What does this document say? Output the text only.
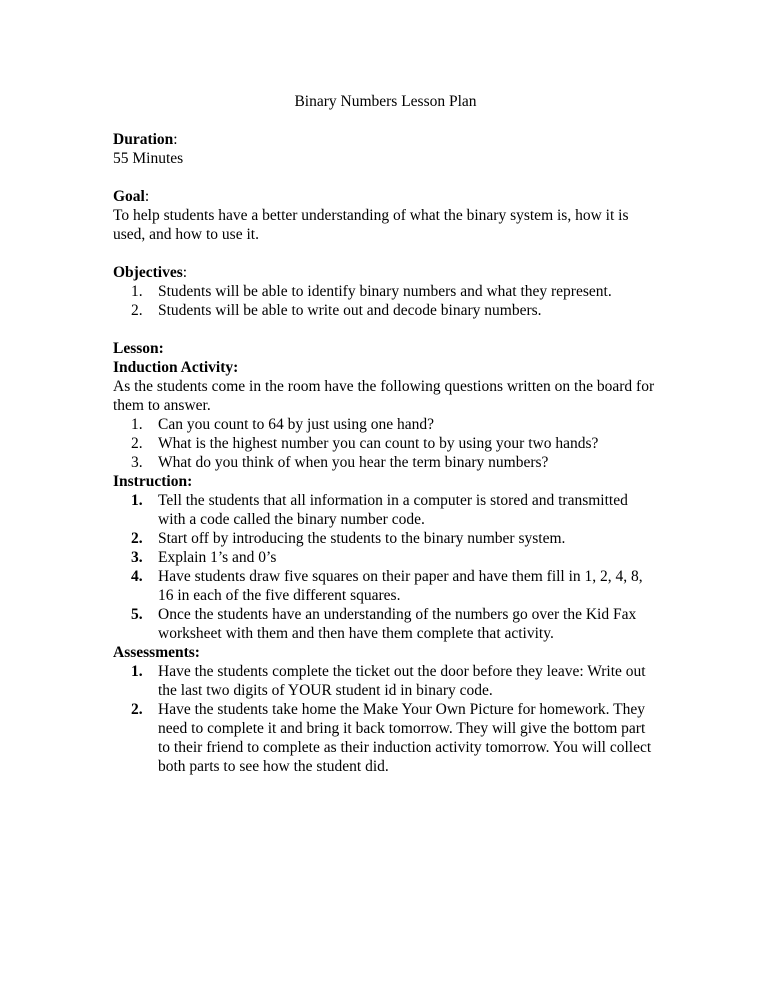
Binary Numbers Lesson Plan

Duration:

55 Minutes

Goal:

To help students have a better understanding of what the binary system is, how it is used, and how to use it.

Objectives:

1. Students will be able to identify binary numbers and what they represent.
2. Students will be able to write out and decode binary numbers.

Lesson:

Induction Activity:

As the students come in the room have the following questions written on the board for them to answer.

1. Can you count to 64 by just using one hand?
2. What is the highest number you can count to by using your two hands?
3. What do you think of when you hear the term binary numbers?

Instruction:

1. Tell the students that all information in a computer is stored and transmitted with a code called the binary number code.
2. Start off by introducing the students to the binary number system.
3. Explain 1’s and 0’s
4. Have students draw five squares on their paper and have them fill in 1, 2, 4, 8, 16 in each of the five different squares.
5. Once the students have an understanding of the numbers go over the Kid Fax worksheet with them and then have them complete that activity.

Assessments:

1. Have the students complete the ticket out the door before they leave: Write out the last two digits of YOUR student id in binary code.
2. Have the students take home the Make Your Own Picture for homework. They need to complete it and bring it back tomorrow. They will give the bottom part to their friend to complete as their induction activity tomorrow. You will collect both parts to see how the student did.
